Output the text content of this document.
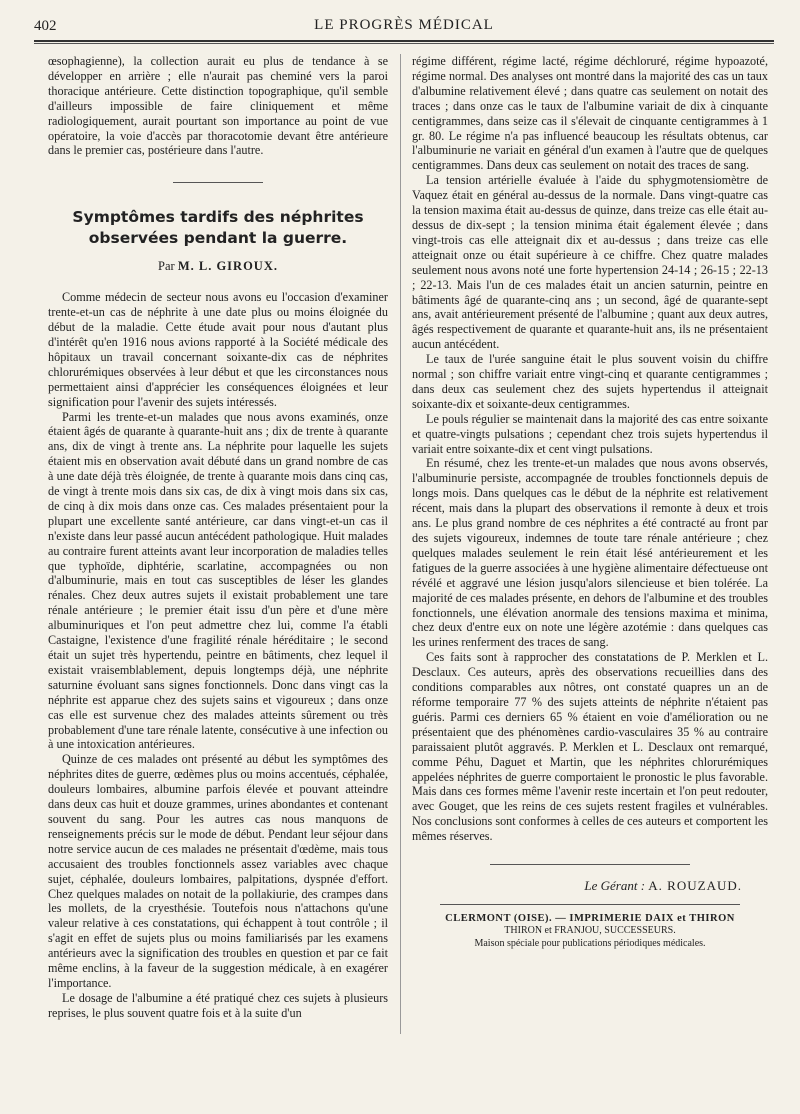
402	LE PROGRÈS MÉDICAL

œsophagienne), la collection aurait eu plus de tendance à se développer en arrière ; elle n'aurait pas cheminé vers la paroi thoracique antérieure. Cette distinction topographique, qu'il semble d'ailleurs impossible de faire cliniquement et même radiologiquement, aurait pourtant son importance au point de vue opératoire, la voie d'accès par thoracotomie devant être antérieure dans le premier cas, postérieure dans l'autre.

Symptômes tardifs des néphrites
observées pendant la guerre.
Par M. L. GIROUX.

Comme médecin de secteur nous avons eu l'occasion d'examiner trente-et-un cas de néphrite à une date plus ou moins éloignée du début de la maladie. Cette étude avait pour nous d'autant plus d'intérêt qu'en 1916 nous avions rapporté à la Société médicale des hôpitaux un travail concernant soixante-dix cas de néphrites chlorurémiques observées à leur début et que les circonstances nous permettaient ainsi d'apprécier les conséquences éloignées et leur signification pour l'avenir des sujets intéressés.

Parmi les trente-et-un malades que nous avons examinés, onze étaient âgés de quarante à quarante-huit ans ; dix de trente à quarante ans, dix de vingt à trente ans. La néphrite pour laquelle les sujets étaient mis en observation avait débuté dans un grand nombre de cas à une date déjà très éloignée, de trente à quarante mois dans cinq cas, de vingt à trente mois dans six cas, de dix à vingt mois dans six cas, de cinq à dix mois dans onze cas. Ces malades présentaient pour la plupart une excellente santé antérieure, car dans vingt-et-un cas il n'existe dans leur passé aucun antécédent pathologique. Huit malades au contraire furent atteints avant leur incorporation de maladies telles que typhoïde, diphtérie, scarlatine, accompagnées ou non d'albuminurie, mais en tout cas susceptibles de léser les glandes rénales. Chez deux autres sujets il existait probablement une tare rénale antérieure ; le premier était issu d'un père et d'une mère albuminuriques et l'on peut admettre chez lui, comme l'a établi Castaigne, l'existence d'une fragilité rénale héréditaire ; le second était un sujet très hypertendu, peintre en bâtiments, chez lequel il existait vraisemblablement, depuis longtemps déjà, une néphrite saturnine évoluant sans signes fonctionnels. Donc dans vingt cas la néphrite est apparue chez des sujets sains et vigoureux ; dans onze cas elle est survenue chez des malades atteints sûrement ou très probablement d'une tare rénale latente, consécutive à une infection ou à une intoxication antérieures.

Quinze de ces malades ont présenté au début les symptômes des néphrites dites de guerre, œdèmes plus ou moins accentués, céphalée, douleurs lombaires, albumine parfois élevée et pouvant atteindre dans deux cas huit et douze grammes, urines abondantes et contenant souvent du sang. Pour les autres cas nous manquons de renseignements précis sur le mode de début. Pendant leur séjour dans notre service aucun de ces malades ne présentait d'œdème, mais tous accusaient des troubles fonctionnels assez variables avec chaque sujet, céphalée, douleurs lombaires, palpitations, dyspnée d'effort. Chez quelques malades on notait de la pollakiurie, des crampes dans les mollets, de la cryesthésie. Toutefois nous n'attachons qu'une valeur relative à ces constatations, qui échappent à tout contrôle ; il s'agit en effet de sujets plus ou moins familiarisés par les examens antérieurs avec la signification des troubles en question et par ce fait même enclins, à la faveur de la suggestion médicale, à en exagérer l'importance.

Le dosage de l'albumine a été pratiqué chez ces sujets à plusieurs reprises, le plus souvent quatre fois et à la suite d'un

régime différent, régime lacté, régime déchloruré, régime hypoazoté, régime normal. Des analyses ont montré dans la majorité des cas un taux d'albumine relativement élevé ; dans quatre cas seulement on notait des traces ; dans onze cas le taux de l'albumine variait de dix à cinquante centigrammes, dans seize cas il s'élevait de cinquante centigrammes à 1 gr. 80. Le régime n'a pas influencé beaucoup les résultats obtenus, car l'albuminurie ne variait en général d'un examen à l'autre que de quelques centigrammes. Dans deux cas seulement on notait des traces de sang.

La tension artérielle évaluée à l'aide du sphygmotensiomètre de Vaquez était en général au-dessus de la normale. Dans vingt-quatre cas la tension maxima était au-dessus de quinze, dans treize cas elle était au-dessus de dix-sept ; la tension minima était également élevée ; dans vingt-trois cas elle atteignait dix et au-dessus ; dans treize cas elle atteignait onze ou était supérieure à ce chiffre. Chez quatre malades seulement nous avons noté une forte hypertension 24-14 ; 26-15 ; 22-13 ; 22-13. Mais l'un de ces malades était un ancien saturnin, peintre en bâtiments âgé de quarante-cinq ans ; un second, âgé de quarante-sept ans, avait antérieurement présenté de l'albumine ; quant aux deux autres, âgés respectivement de quarante et quarante-huit ans, ils ne présentaient aucun antécédent.

Le taux de l'urée sanguine était le plus souvent voisin du chiffre normal ; son chiffre variait entre vingt-cinq et quarante centigrammes ; dans deux cas seulement chez des sujets hypertendus il atteignait soixante-dix et soixante-deux centigrammes.

Le pouls régulier se maintenait dans la majorité des cas entre soixante et quatre-vingts pulsations ; cependant chez trois sujets hypertendus il variait entre soixante-dix et cent vingt pulsations.

En résumé, chez les trente-et-un malades que nous avons observés, l'albuminurie persiste, accompagnée de troubles fonctionnels depuis de longs mois. Dans quelques cas le début de la néphrite est relativement récent, mais dans la plupart des observations il remonte à deux et trois ans. Le plus grand nombre de ces néphrites a été contracté au front par des sujets vigoureux, indemnes de toute tare rénale antérieure ; chez quelques malades seulement le rein était lésé antérieurement et les fatigues de la guerre associées à une hygiène alimentaire défectueuse ont révélé et aggravé une lésion jusqu'alors silencieuse et bien tolérée. La majorité de ces malades présente, en dehors de l'albumine et des troubles fonctionnels, une élévation anormale des tensions maxima et minima, chez deux d'entre eux on note une légère azotémie : dans quelques cas les urines renferment des traces de sang.

Ces faits sont à rapprocher des constatations de P. Merklen et L. Desclaux. Ces auteurs, après des observations recueillies dans des conditions comparables aux nôtres, ont constaté quapres un an de réforme temporaire 77 % des sujets atteints de néphrite n'étaient pas guéris. Parmi ces derniers 65 % étaient en voie d'amélioration ou ne présentaient que des phénomènes cardio-vasculaires 35 % au contraire paraissaient plutôt aggravés. P. Merklen et L. Desclaux ont remarqué, comme Péhu, Daguet et Martin, que les néphrites chlorurémiques appelées néphrites de guerre comportaient le pronostic le plus favorable. Mais dans ces formes même l'avenir reste incertain et l'on peut redouter, avec Gouget, que les reins de ces sujets restent fragiles et vulnérables. Nos conclusions sont conformes à celles de ces auteurs et comportent les mêmes réserves.

Le Gérant : A. ROUZAUD.
CLERMONT (OISE). — IMPRIMERIE DAIX et THIRON
THIRON et FRANJOU, SUCCESSEURS.
Maison spéciale pour publications périodiques médicales.
